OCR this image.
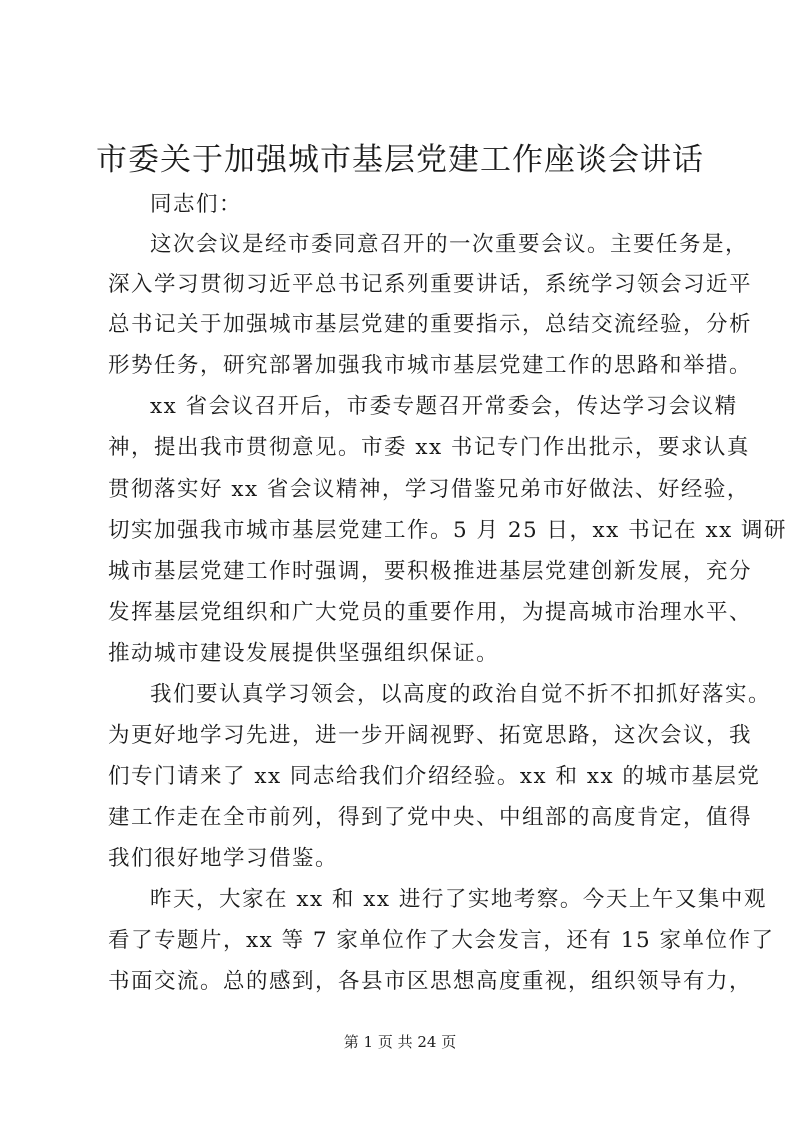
市委关于加强城市基层党建工作座谈会讲话
同志们：
这次会议是经市委同意召开的一次重要会议。主要任务是，
深入学习贯彻习近平总书记系列重要讲话，系统学习领会习近平
总书记关于加强城市基层党建的重要指示，总结交流经验，分析
形势任务，研究部署加强我市城市基层党建工作的思路和举措。
xx 省会议召开后，市委专题召开常委会，传达学习会议精
神，提出我市贯彻意见。市委 xx 书记专门作出批示，要求认真
贯彻落实好 xx 省会议精神，学习借鉴兄弟市好做法、好经验，
切实加强我市城市基层党建工作。5 月 25 日，xx 书记在 xx 调研
城市基层党建工作时强调，要积极推进基层党建创新发展，充分
发挥基层党组织和广大党员的重要作用，为提高城市治理水平、
推动城市建设发展提供坚强组织保证。
我们要认真学习领会，以高度的政治自觉不折不扣抓好落实。
为更好地学习先进，进一步开阔视野、拓宽思路，这次会议，我
们专门请来了 xx 同志给我们介绍经验。xx 和 xx 的城市基层党
建工作走在全市前列，得到了党中央、中组部的高度肯定，值得
我们很好地学习借鉴。
昨天，大家在 xx 和 xx 进行了实地考察。今天上午又集中观
看了专题片，xx 等 7 家单位作了大会发言，还有 15 家单位作了
书面交流。总的感到，各县市区思想高度重视，组织领导有力，
第 1 页 共 24 页
